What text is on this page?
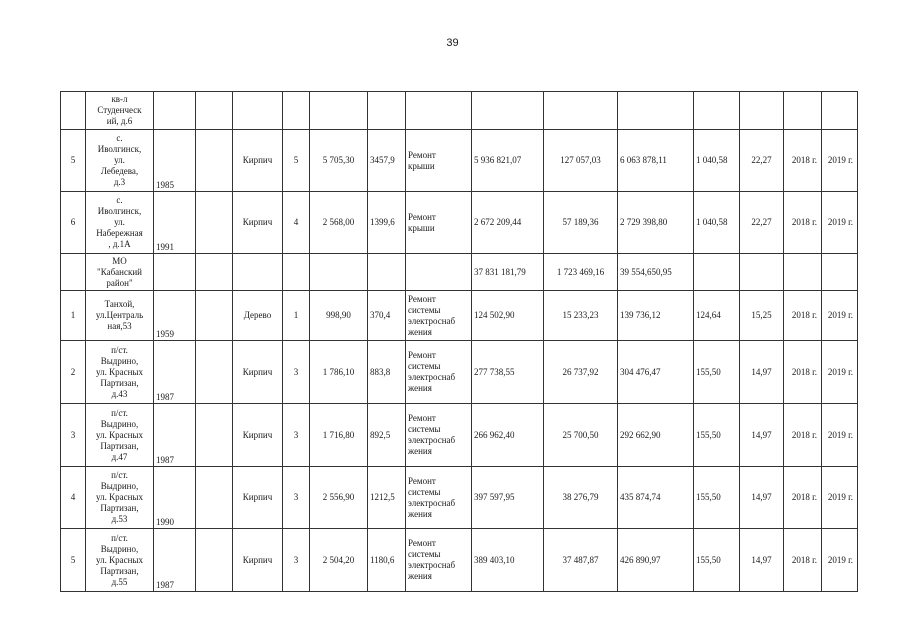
39

	кв-л
Студенческ
ий, д.6														

5	с.
Иволгинск,
ул.
Лебедева,
д.3	1985		Кирпич	5	5 705,30	3457,9	Ремонт
крыши	5 936 821,07	127 057,03	6 063 878,11	1 040,58	22,27	2018 г.	2019 г.
6	с.
Иволгинск,
ул.
Набережная
, д.1А	1991		Кирпич	4	2 568,00	1399,6	Ремонт
крыши	2 672 209,44	57 189,36	2 729 398,80	1 040,58	22,27	2018 г.	2019 г.

	МО
"Кабанский
район"								37 831 181,79	1 723 469,16	39 554,650,95				
1	Танхой,
ул.Централь
ная,53	1959		Дерево	1	998,90	370,4	Ремонт
системы
электроснаб
жения	124 502,90	15 233,23	139 736,12	124,64	15,25	2018 г.	2019 г.
2	п/ст.
Выдрино,
ул. Красных
Партизан,
д.43	1987		Кирпич	3	1 786,10	883,8	Ремонт
системы
электроснаб
жения	277 738,55	26 737,92	304 476,47	155,50	14,97	2018 г.	2019 г.
3	п/ст.
Выдрино,
ул. Красных
Партизан,
д.47	1987		Кирпич	3	1 716,80	892,5	Ремонт
системы
электроснаб
жения	266 962,40	25 700,50	292 662,90	155,50	14,97	2018 г.	2019 г.
4	п/ст.
Выдрино,
ул. Красных
Партизан,
д.53	1990		Кирпич	3	2 556,90	1212,5	Ремонт
системы
электроснаб
жения	397 597,95	38 276,79	435 874,74	155,50	14,97	2018 г.	2019 г.
5	п/ст.
Выдрино,
ул. Красных
Партизан,
д.55	1987		Кирпич	3	2 504,20	1180,6	Ремонт
системы
электроснаб
жения	389 403,10	37 487,87	426 890,97	155,50	14,97	2018 г.	2019 г.
